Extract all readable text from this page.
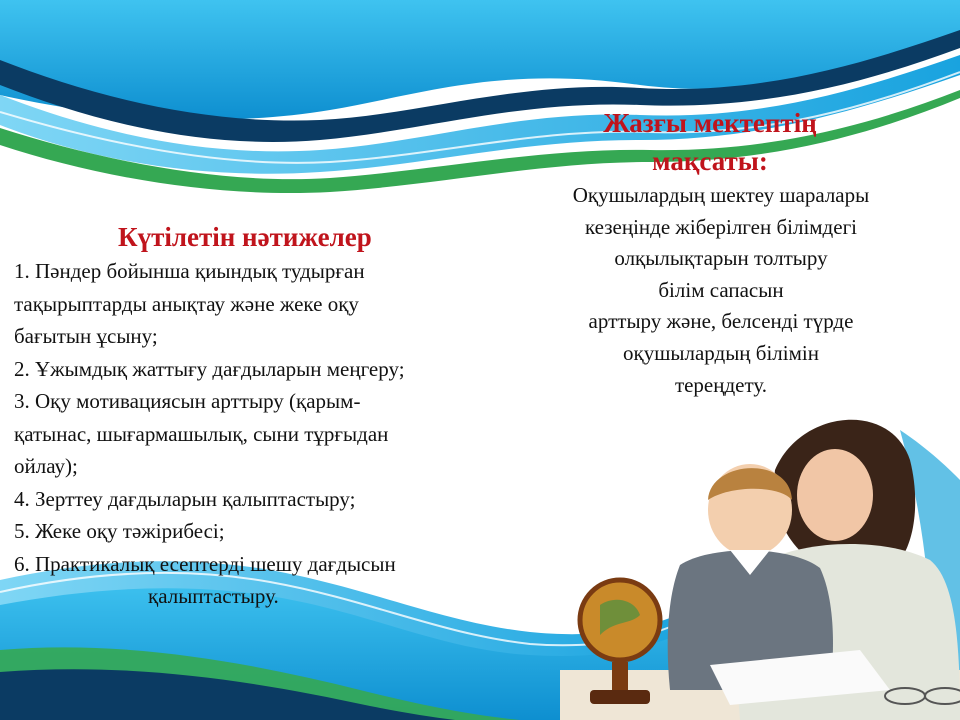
Жазғы мектептің
мақсаты:
Оқушылардың шектеу шаралары
кезеңінде жіберілген білімдегі
олқылықтарын толтыру
білім сапасын
арттыру және, белсенді түрде
оқушылардың білімін
тереңдету.
Күтілетін нәтижелер
1. Пәндер бойынша қиындық тудырған
тақырыптарды анықтау және жеке оқу
бағытын ұсыну;
2. Ұжымдық жаттығу дағдыларын меңгеру;
3. Оқу мотивациясын арттыру (қарым-
қатынас, шығармашылық, сыни тұрғыдан
ойлау);
4. Зерттеу дағдыларын қалыптастыру;
5. Жеке оқу тәжірибесі;
6. Практикалық есептерді шешу дағдысын
қалыптастыру.
